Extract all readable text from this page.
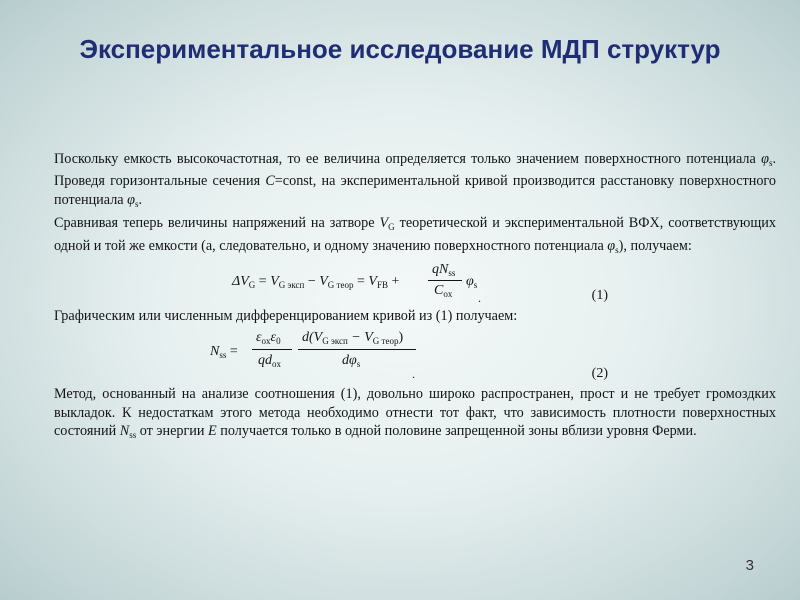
Экспериментальное исследование МДП структур

Поскольку емкость высокочастотная, то ее величина определяется только значением поверхностного потенциала $\varphi_s$. Проведя горизонтальные сечения C=const, на экспериментальной кривой производится расстановку поверхностного потенциала $\varphi_s$.

Сравнивая теперь величины напряжений на затворе $V_G$ теоретической и экспериментальной ВФХ, соответствующих одной и той же емкости (а, следовательно, и одному значению поверхностного потенциала $\varphi_s$), получаем:

$\Delta V_G = V_{G эксп} - V_{G теор} = V_{FB}$ +
$qN_{ss}$
$C_{ox}$
$\varphi_s$
.	(1)

Графическим или численным дифференцированием кривой из (1) получаем:

$N_{ss}$ =
$\varepsilon_{ox}\varepsilon_0$
$qd_{ox}$
$d(V_{G эксп} - V_{G теор})$
$d\varphi_s$
.	(2)

Метод, основанный на анализе соотношения (1), довольно широко распространен, прост и не требует громоздких выкладок. К недостаткам этого метода необходимо отнести тот факт, что зависимость плотности поверхностных состояний $N_{ss}$ от энергии E получается только в одной половине запрещенной зоны вблизи уровня Ферми.

3
